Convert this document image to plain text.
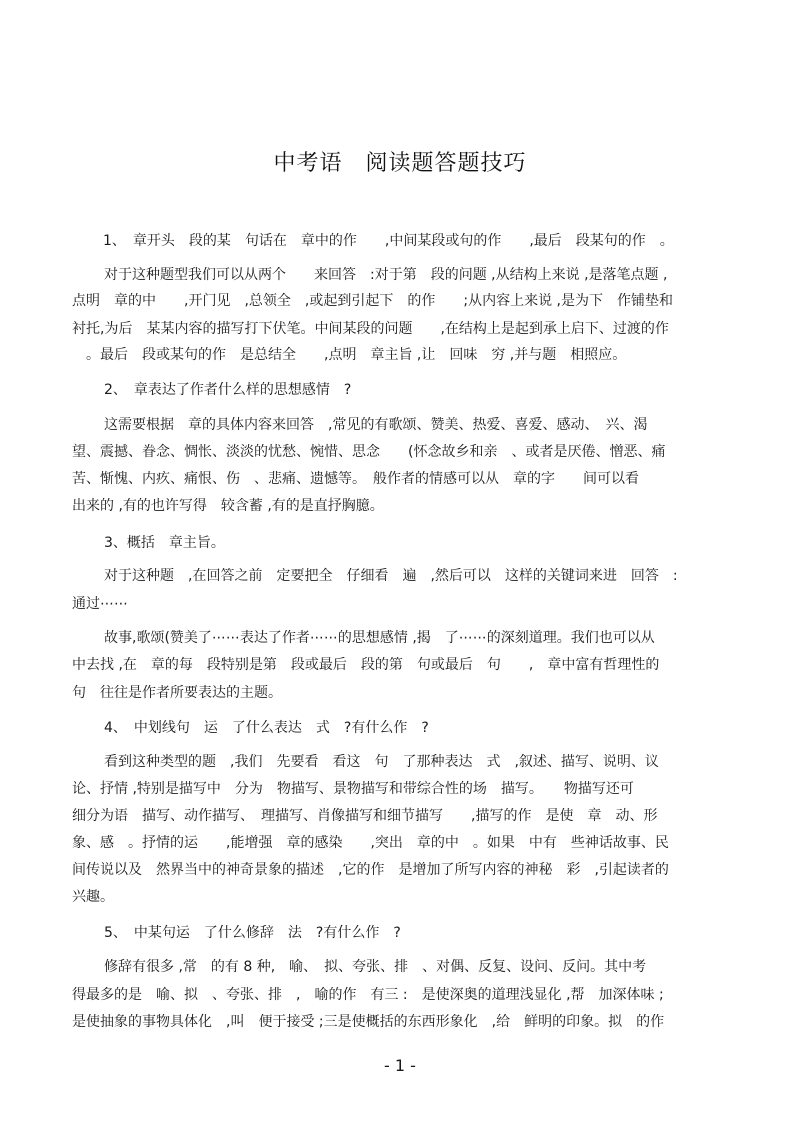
中考语　阅读题答题技巧
1、　章开头　段的某　句话在　章中的作　　,中间某段或句的作　　,最后　段某句的作　。
对于这种题型我们可以从两个　　来回答　:对于第　段的问题 ,从结构上来说 ,是落笔点题 ,
点明　章的中　　,开门见　,总领全　,或起到引起下　的作　　;从内容上来说 ,是为下　作铺垫和
衬托,为后　某某内容的描写打下伏笔。中间某段的问题　　,在结构上是起到承上启下、过渡的作
　。最后　段或某句的作　是总结全　　,点明　章主旨 ,让　回味　穷 ,并与题　相照应。
2、　章表达了作者什么样的思想感情　?
这需要根据　章的具体内容来回答　,常见的有歌颂、赞美、热爱、喜爱、感动、　兴、渴
望、震撼、眷念、惆怅、淡淡的忧愁、惋惜、思念　　(怀念故乡和亲　、或者是厌倦、憎恶、痛
苦、惭愧、内疚、痛恨、伤　、悲痛、遗憾等。　般作者的情感可以从　章的字　　间可以看
出来的 ,有的也许写得　较含蓄 ,有的是直抒胸臆。
3、概括　章主旨。
对于这种题　,在回答之前　定要把全　仔细看　遍　,然后可以　这样的关键词来进　回答　:
通过⋯⋯
故事,歌颂(赞美了⋯⋯表达了作者⋯⋯的思想感情 ,揭　了⋯⋯的深刻道理。我们也可以从
中去找 ,在　章的每　段特别是第　段或最后　段的第　句或最后　句　　,　章中富有哲理性的
句　往往是作者所要表达的主题。
4、　中划线句　运　了什么表达　式　?有什么作　?
看到这种类型的题　,我们　先要看　看这　句　了那种表达　式　,叙述、描写、说明、议
论、抒情 ,特别是描写中　分为　物描写、景物描写和带综合性的场　描写。　　物描写还可
细分为语　描写、动作描写、　理描写、肖像描写和细节描写　　,描写的作　是使　章　动、形
象、感　。抒情的运　　,能增强　章的感染　　,突出　章的中　。如果　中有　些神话故事、民
间传说以及　然界当中的神奇景象的描述　,它的作　是增加了所写内容的神秘　彩　,引起读者的
兴趣。
5、　中某句运　了什么修辞　法　?有什么作　?
修辞有很多 ,常　的有 8 种,　喻、　拟、夸张、排　、对偶、反复、设问、反问。其中考
得最多的是　喻、拟　、夸张、排　,　喻的作　有三 :　是使深奥的道理浅显化 ,帮　加深体味 ;
是使抽象的事物具体化　,叫　便于接受 ;三是使概括的东西形象化　,给　鲜明的印象。拟　的作
- 1 -
